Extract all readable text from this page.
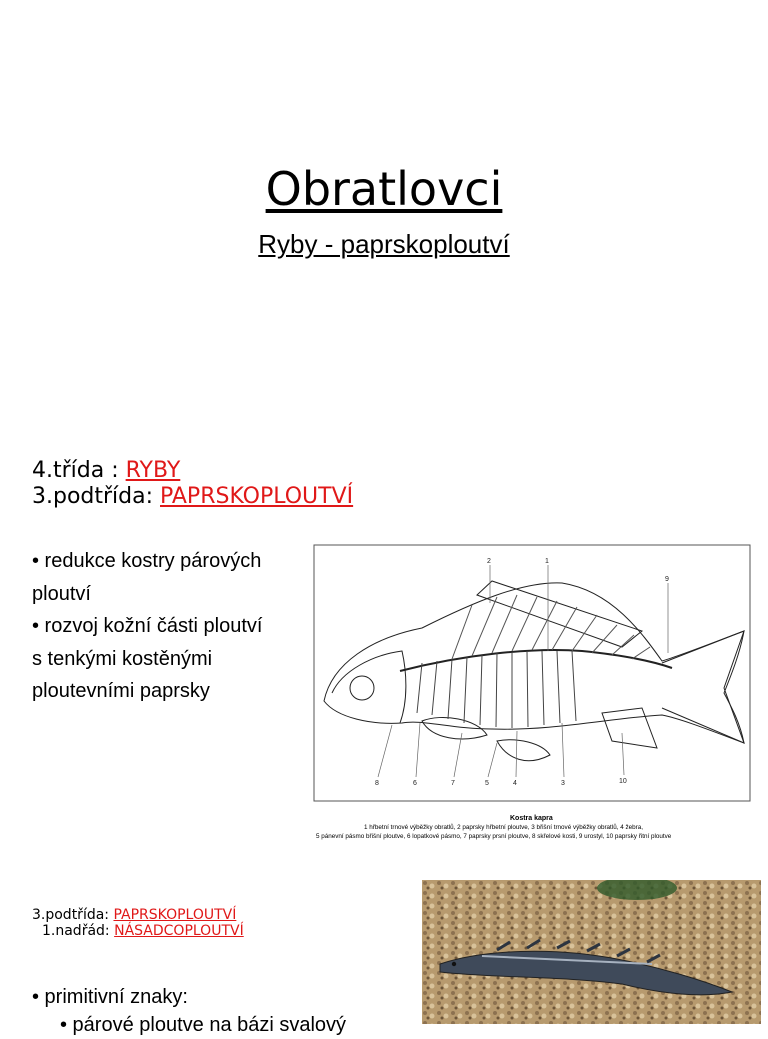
Obratlovci
Ryby - paprskoploutví
4.třída : RYBY
3.podtřída: PAPRSKOPLOUTVÍ
• redukce kostry párových
ploutví
• rozvoj kožní části ploutví
s tenkými kostěnými
ploutevními paprsky
2	1
9
8	6	7	5	4	3	10
Kostra kapra
1 hřbetní trnové výběžky obratlů, 2 paprsky hřbetní ploutve, 3 břišní trnové výběžky obratlů, 4 žebra,
5 pánevní pásmo břišní ploutve, 6 lopatkové pásmo, 7 paprsky prsní ploutve, 8 skřelové kosti, 9 urostyl, 10 paprsky řitní ploutve
3.podtřída: PAPRSKOPLOUTVÍ
1.nadřád: NÁSADCOPLOUTVÍ
• primitivní znaky:
• párové ploutve na bázi svalový
